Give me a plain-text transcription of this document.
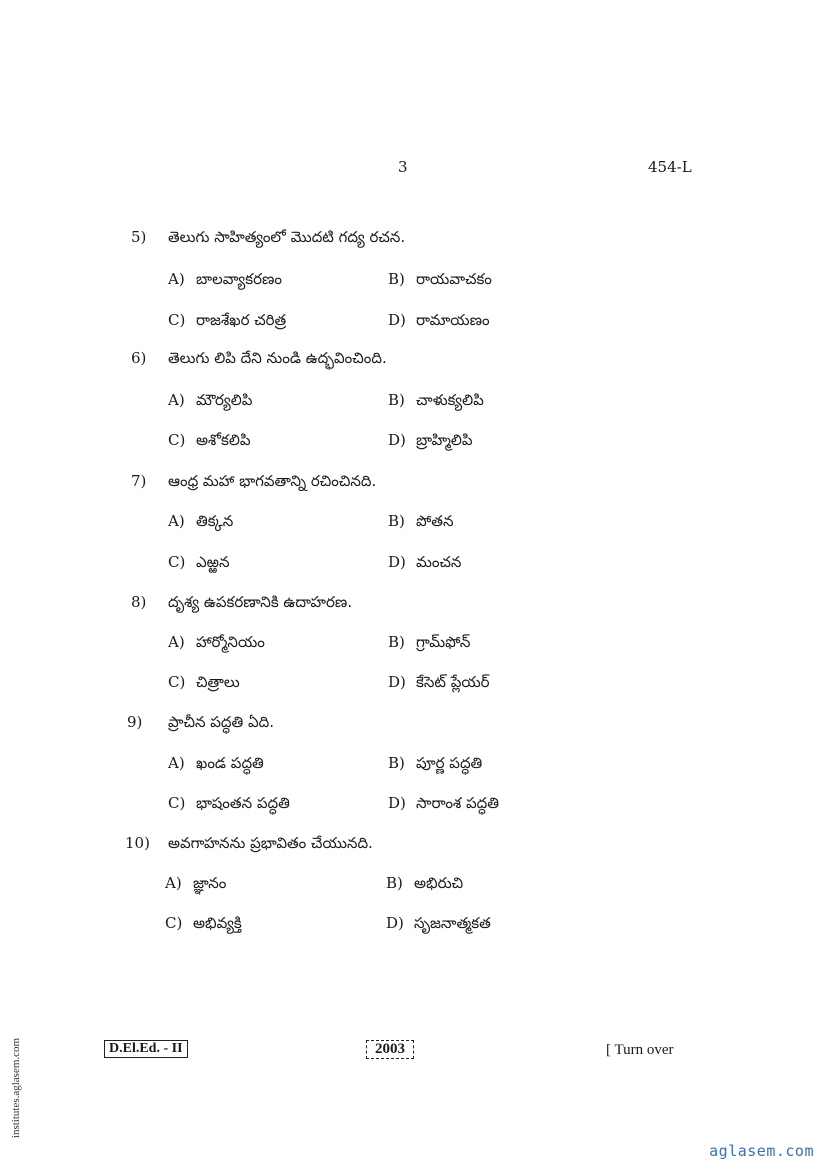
3	454-L
5) తెలుగు సాహిత్యంలో మొదటి గద్య రచన.
A) బాలవ్యాకరణం	B) రాయవాచకం
C) రాజశేఖర చరిత్ర	D) రామాయణం
6) తెలుగు లిపి దేని నుండి ఉద్భవించింది.
A) మౌర్యలిపి	B) చాళుక్యలిపి
C) అశోకలిపి	D) బ్రాహ్మిలిపి
7) ఆంధ్ర మహా భాగవతాన్ని రచించినది.
A) తిక్కన	B) పోతన
C) ఎఱ్ఱన	D) మంచన
8) దృశ్య ఉపకరణానికి ఉదాహరణ.
A) హార్మోనియం	B) గ్రామ్‌ఫోన్
C) చిత్రాలు	D) కేసెట్ ప్లేయర్
9) ప్రాచీన పద్ధతి ఏది.
A) ఖండ పద్ధతి	B) పూర్ణ పద్ధతి
C) భాషంతన పద్ధతి	D) సారాంశ పద్ధతి
10) అవగాహనను ప్రభావితం చేయునది.
A) జ్ఞానం	B) అభిరుచి
C) అభివ్యక్తి	D) సృజనాత్మకత
D.El.Ed. - II	2003	[ Turn over
institutes.aglasem.com
aglasem.com
